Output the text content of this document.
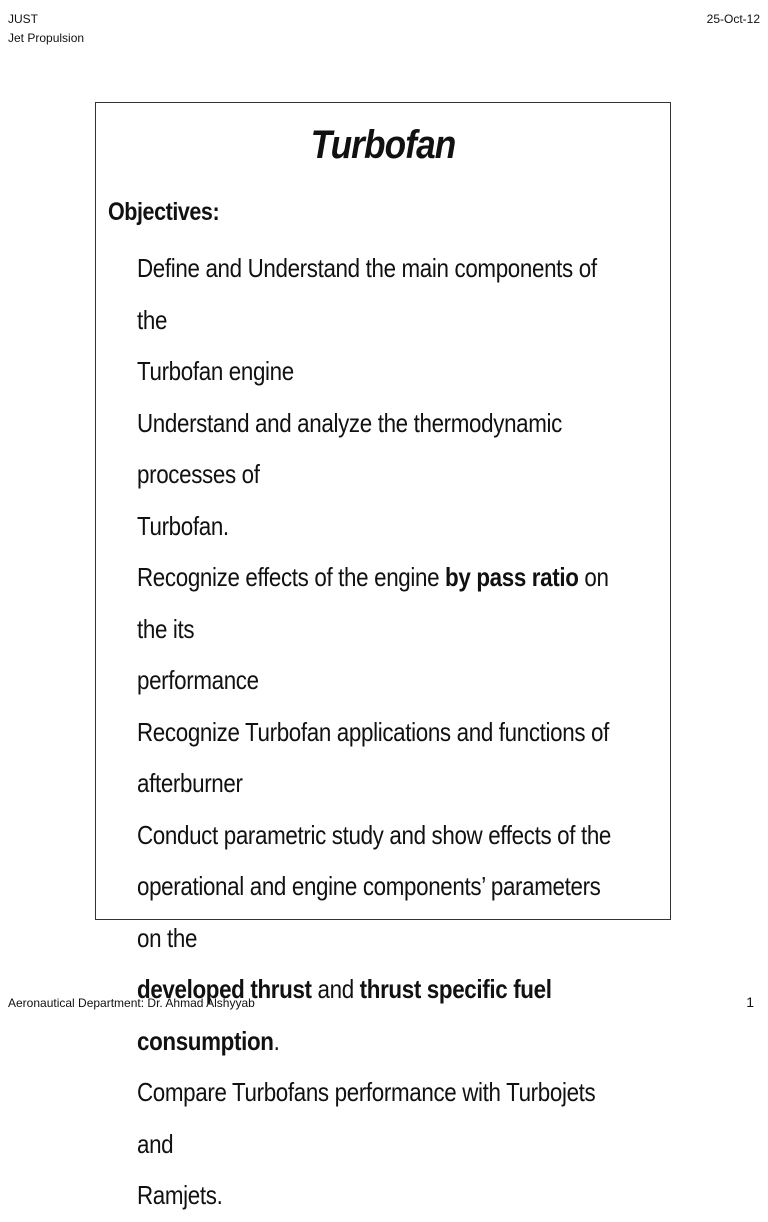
JUST
Jet Propulsion
25-Oct-12
Turbofan
Objectives:
Define and Understand the main components of the
Turbofan engine
Understand and analyze the thermodynamic processes of
Turbofan.
Recognize effects of the engine by pass ratio on the its
performance
Recognize Turbofan applications and functions of
afterburner
Conduct parametric study and show effects of the
operational and engine components’ parameters on the
developed thrust and thrust specific fuel consumption.
Compare Turbofans performance with Turbojets and
Ramjets.
Aeronautical Department: Dr. Ahmad Alshyyab	1
